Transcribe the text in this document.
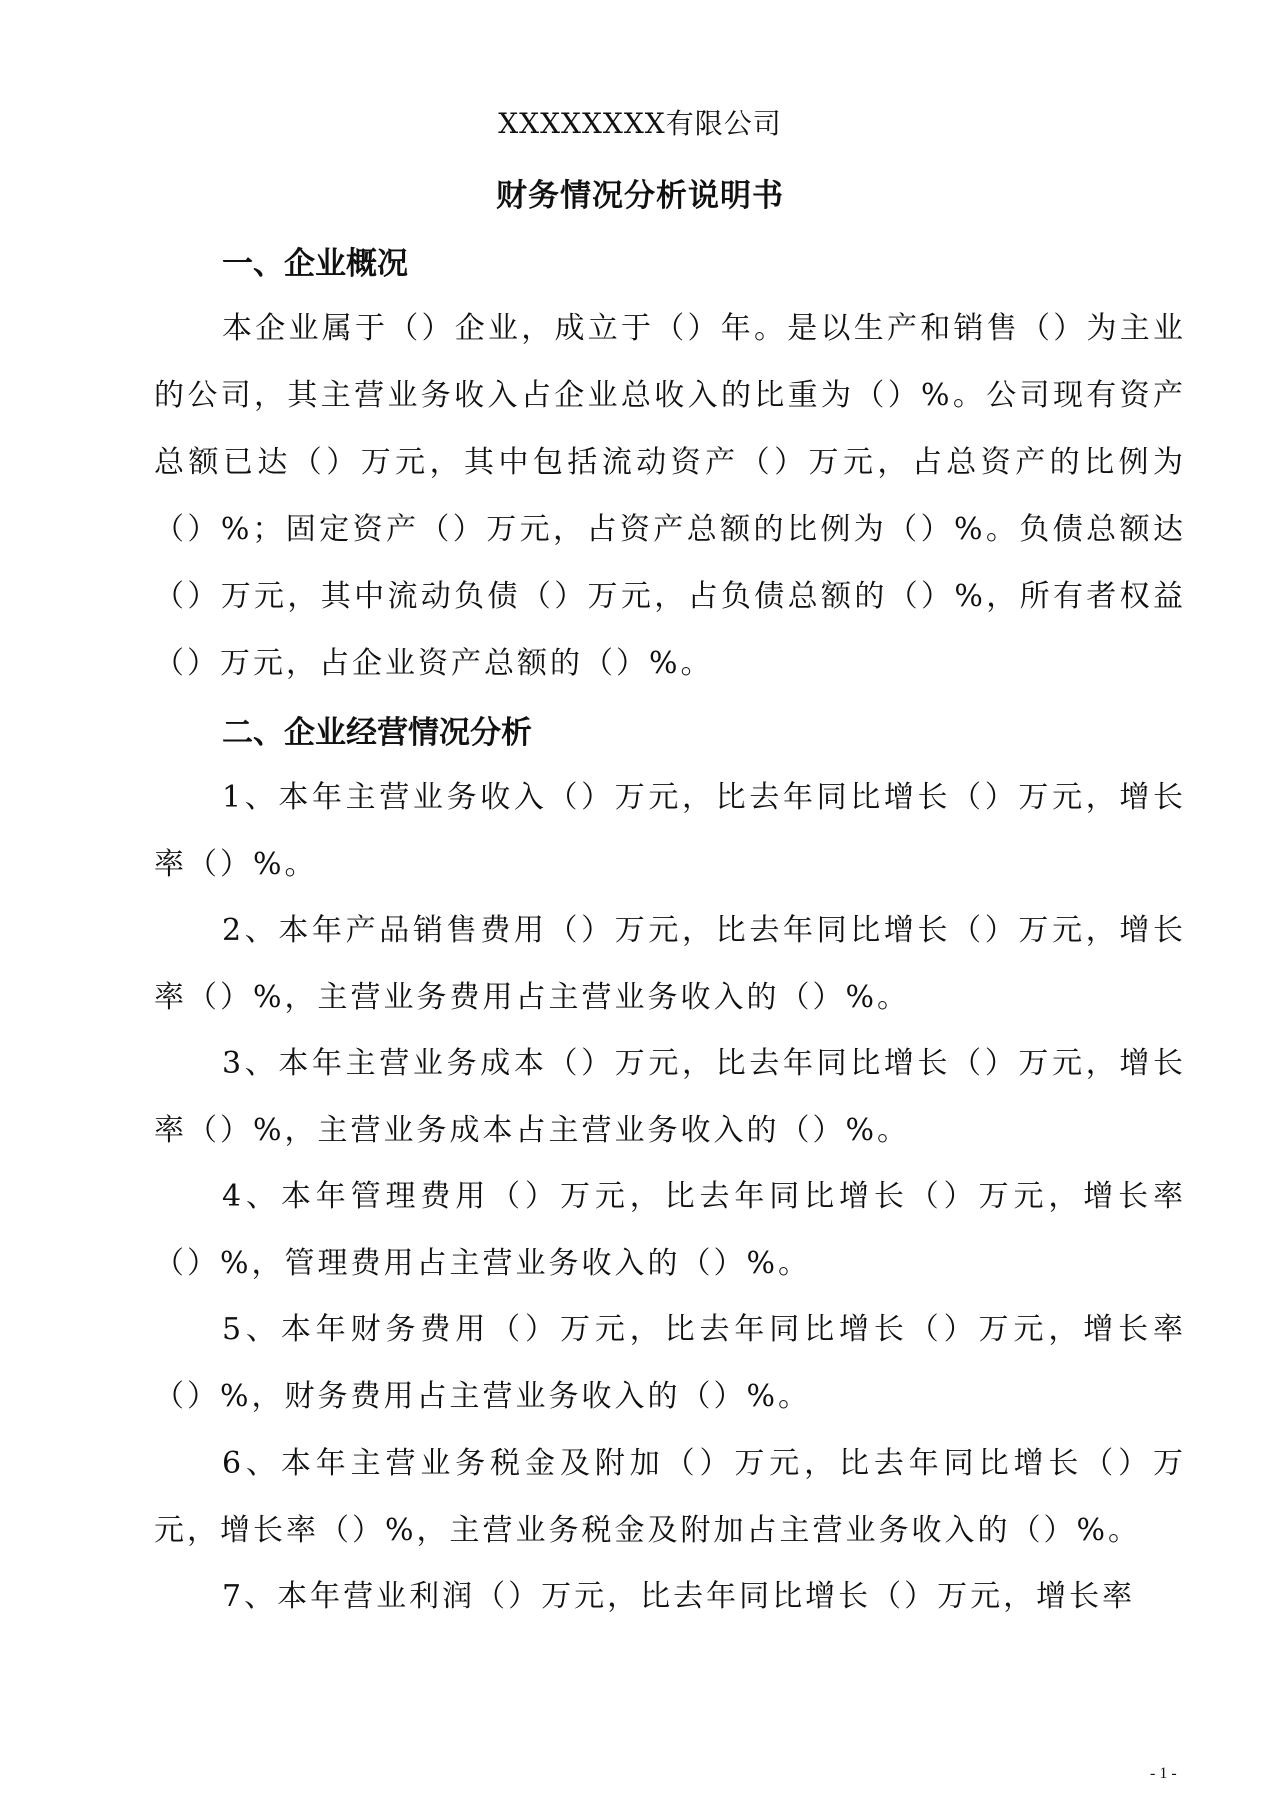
XXXXXXXX有限公司
财务情况分析说明书
一、企业概况
本企业属于（）企业，成立于（）年。是以生产和销售（）为主业的公司，其主营业务收入占企业总收入的比重为（）%。公司现有资产总额已达（）万元，其中包括流动资产（）万元，占总资产的比例为（）%；固定资产（）万元，占资产总额的比例为（）%。负债总额达（）万元，其中流动负债（）万元，占负债总额的（）%，所有者权益（）万元，占企业资产总额的（）%。
二、企业经营情况分析
1、本年主营业务收入（）万元，比去年同比增长（）万元，增长率（）%。
2、本年产品销售费用（）万元，比去年同比增长（）万元，增长率（）%，主营业务费用占主营业务收入的（）%。
3、本年主营业务成本（）万元，比去年同比增长（）万元，增长率（）%，主营业务成本占主营业务收入的（）%。
4、本年管理费用（）万元，比去年同比增长（）万元，增长率（）%，管理费用占主营业务收入的（）%。
5、本年财务费用（）万元，比去年同比增长（）万元，增长率（）%，财务费用占主营业务收入的（）%。
6、本年主营业务税金及附加（）万元，比去年同比增长（）万元，增长率（）%，主营业务税金及附加占主营业务收入的（）%。
7、本年营业利润（）万元，比去年同比增长（）万元，增长率
- 1 -
